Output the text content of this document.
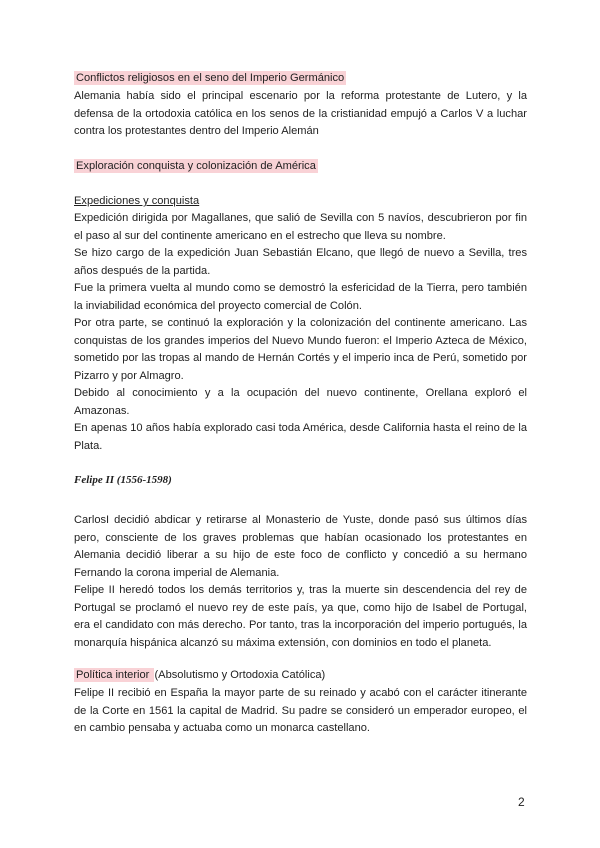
Conflictos religiosos en el seno del Imperio Germánico

Alemania había sido el principal escenario por la reforma protestante de Lutero, y la defensa de la ortodoxia católica en los senos de la cristianidad empujó a Carlos V a luchar contra los protestantes dentro del Imperio Alemán

Exploración conquista y colonización de América

Expediciones y conquista

Expedición dirigida por Magallanes, que salió de Sevilla con 5 navíos, descubrieron por fin el paso al sur del continente americano en el estrecho que lleva su nombre.

Se hizo cargo de la expedición Juan Sebastián Elcano, que llegó de nuevo a Sevilla, tres años después de la partida.

Fue la primera vuelta al mundo como se demostró la esfericidad de la Tierra, pero también la inviabilidad económica del proyecto comercial de Colón.

Por otra parte, se continuó la exploración y la colonización del continente americano. Las conquistas de los grandes imperios del Nuevo Mundo fueron: el Imperio Azteca de México, sometido por las tropas al mando de Hernán Cortés y el imperio inca de Perú, sometido por Pizarro y por Almagro.

Debido al conocimiento y a la ocupación del nuevo continente, Orellana exploró el Amazonas.

En apenas 10 años había explorado casi toda América, desde California hasta el reino de la Plata.

Felipe II (1556-1598)

CarlosI decidió abdicar y retirarse al Monasterio de Yuste, donde pasó sus últimos días pero, consciente de los graves problemas que habían ocasionado los protestantes en Alemania decidió liberar a su hijo de este foco de conflicto y concedió a su hermano Fernando la corona imperial de Alemania.

Felipe II heredó todos los demás territorios y, tras la muerte sin descendencia del rey de Portugal se proclamó el nuevo rey de este país, ya que, como hijo de Isabel de Portugal, era el candidato con más derecho. Por tanto, tras la incorporación del imperio portugués, la monarquía hispánica alcanzó su máxima extensión, con dominios en todo el planeta.

Política interior (Absolutismo y Ortodoxia Católica)

Felipe II recibió en España la mayor parte de su reinado y acabó con el carácter itinerante de la Corte en 1561 la capital de Madrid. Su padre se consideró un emperador europeo, el en cambio pensaba y actuaba como un monarca castellano.

2
